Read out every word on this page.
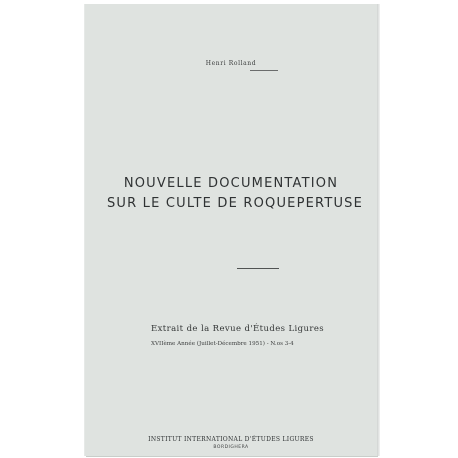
Henri Rolland
NOUVELLE DOCUMENTATION
SUR LE CULTE DE ROQUEPERTUSE
Extrait de la Revue d'Études Ligures
XVIIème Année (Juillet-Décembre 1951) - N.os 3-4
INSTITUT INTERNATIONAL D'ÉTUDES LIGURES
BORDIGHERA
